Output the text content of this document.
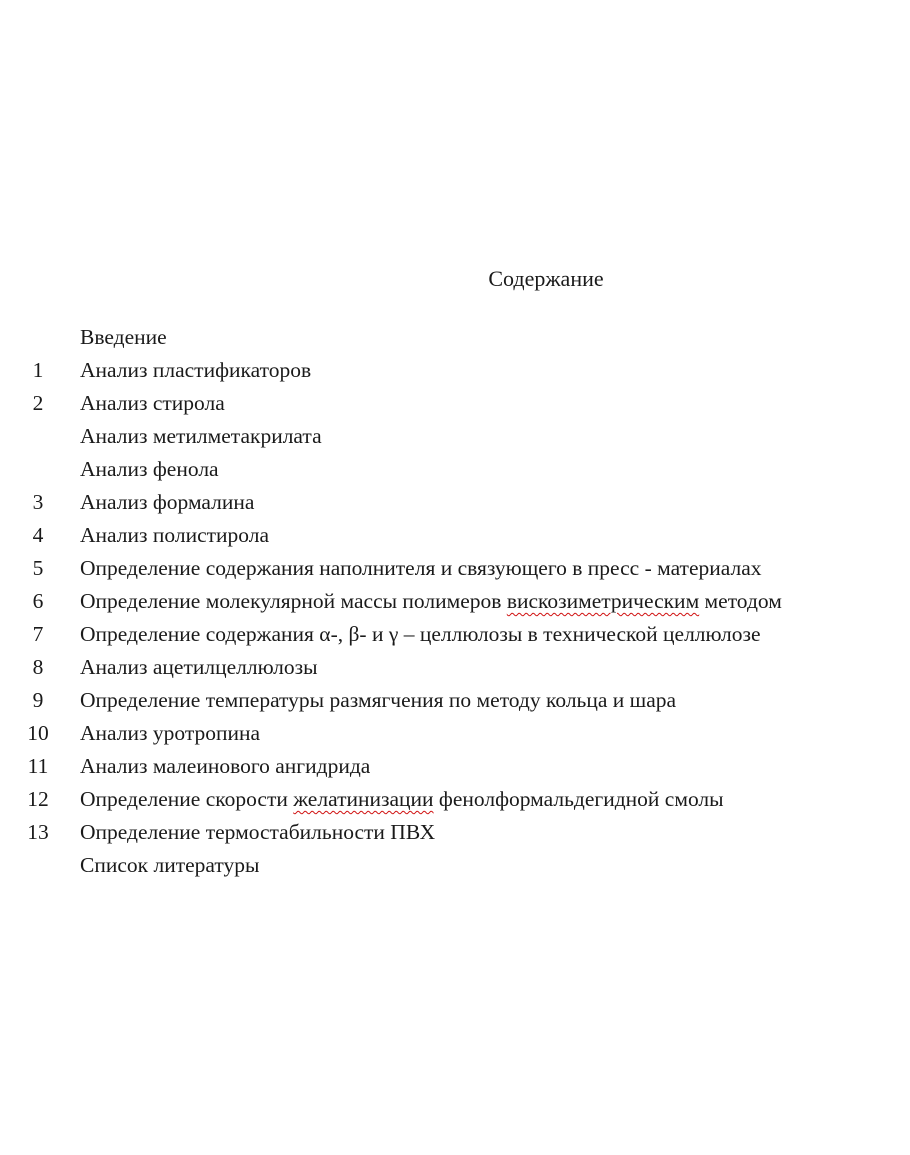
Содержание
Введение
1	Анализ пластификаторов
2	Анализ стирола
Анализ метилметакрилата
Анализ фенола
3	Анализ формалина
4	Анализ полистирола
5	Определение содержания наполнителя и связующего в пресс - материалах
6	Определение молекулярной массы полимеров вискозиметрическим методом
7	Определение содержания α-, β- и γ – целлюлозы в технической целлюлозе
8	Анализ ацетилцеллюлозы
9	Определение температуры размягчения по методу кольца и шара
10	Анализ уротропина
11	Анализ малеинового ангидрида
12	Определение скорости желатинизации фенолформальдегидной смолы
13	Определение термостабильности ПВХ
Список литературы
